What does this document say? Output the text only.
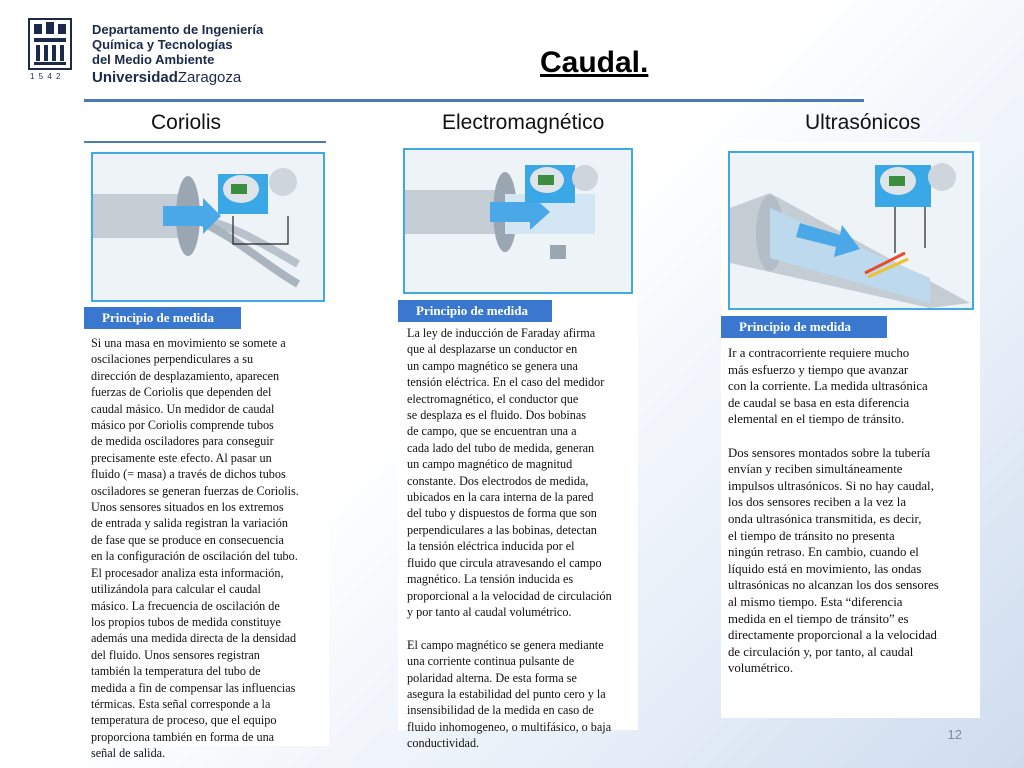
1 5 4 2
Departamento de Ingeniería
Química y Tecnologías
del Medio Ambiente
UniversidadZaragoza	Caudal.
Coriolis	Electromagnético	Ultrasónicos
Principio de medida
Si una masa en movimiento se somete a
oscilaciones perpendiculares a su
dirección de desplazamiento, aparecen
fuerzas de Coriolis que dependen del
caudal másico. Un medidor de caudal
másico por Coriolis comprende tubos
de medida osciladores para conseguir
precisamente este efecto. Al pasar un
fluido (= masa) a través de dichos tubos
osciladores se generan fuerzas de Coriolis.
Unos sensores situados en los extremos
de entrada y salida registran la variación
de fase que se produce en consecuencia
en la configuración de oscilación del tubo.
El procesador analiza esta información,
utilizándola para calcular el caudal
másico. La frecuencia de oscilación de
los propios tubos de medida constituye
además una medida directa de la densidad
del fluido. Unos sensores registran
también la temperatura del tubo de
medida a fin de compensar las influencias
térmicas. Esta señal corresponde a la
temperatura de proceso, que el equipo
proporciona también en forma de una
señal de salida.
Principio de medida
La ley de inducción de Faraday afirma
que al desplazarse un conductor en
un campo magnético se genera una
tensión eléctrica. En el caso del medidor
electromagnético, el conductor que
se desplaza es el fluido. Dos bobinas
de campo, que se encuentran una a
cada lado del tubo de medida, generan
un campo magnético de magnitud
constante. Dos electrodos de medida,
ubicados en la cara interna de la pared
del tubo y dispuestos de forma que son
perpendiculares a las bobinas, detectan
la tensión eléctrica inducida por el
fluido que circula atravesando el campo
magnético. La tensión inducida es
proporcional a la velocidad de circulación
y por tanto al caudal volumétrico.

El campo magnético se genera mediante
una corriente continua pulsante de
polaridad alterna. De esta forma se
asegura la estabilidad del punto cero y la
insensibilidad de la medida en caso de
fluido inhomogeneo, o multifásico, o baja
conductividad.
Principio de medida
Ir a contracorriente requiere mucho
más esfuerzo y tiempo que avanzar
con la corriente. La medida ultrasónica
de caudal se basa en esta diferencia
elemental en el tiempo de tránsito.

Dos sensores montados sobre la tubería
envían y reciben simultáneamente
impulsos ultrasónicos. Si no hay caudal,
los dos sensores reciben a la vez la
onda ultrasónica transmitida, es decir,
el tiempo de tránsito no presenta
ningún retraso. En cambio, cuando el
líquido está en movimiento, las ondas
ultrasónicas no alcanzan los dos sensores
al mismo tiempo. Esta “diferencia
medida en el tiempo de tránsito” es
directamente proporcional a la velocidad
de circulación y, por tanto, al caudal
volumétrico.
12
